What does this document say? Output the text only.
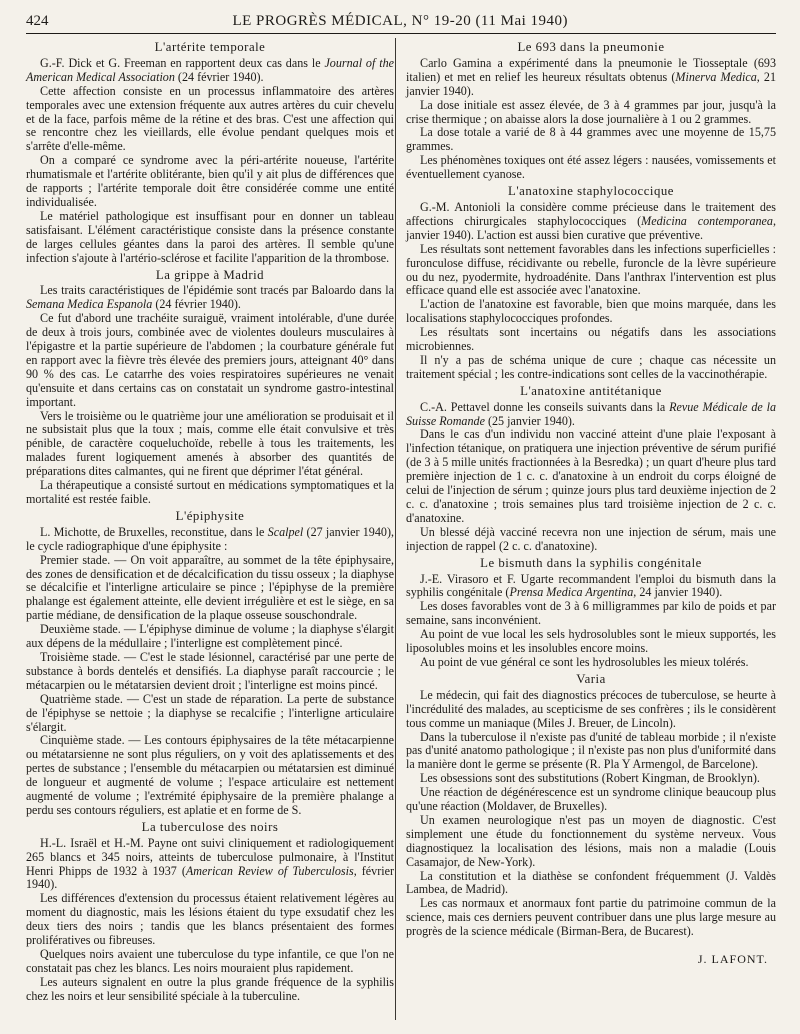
424	LE PROGRÈS MÉDICAL, N° 19-20 (11 Mai 1940)
L'artérite temporale

G.-F. Dick et G. Freeman en rapportent deux cas dans le Journal of the American Medical Association (24 février 1940).

Cette affection consiste en un processus inflammatoire des artères temporales avec une extension fréquente aux autres artères du cuir chevelu et de la face, parfois même de la rétine et des bras. C'est une affection qui se rencontre chez les vieillards, elle évolue pendant quelques mois et s'arrête d'elle-même.

On a comparé ce syndrome avec la péri-artérite noueuse, l'artérite rhumatismale et l'artérite oblitérante, bien qu'il y ait plus de différences que de rapports ; l'artérite temporale doit être considérée comme une entité individualisée.

Le matériel pathologique est insuffisant pour en donner un tableau satisfaisant. L'élément caractéristique consiste dans la présence constante de larges cellules géantes dans la paroi des artères. Il semble qu'une infection s'ajoute à l'artério-sclérose et facilite l'apparition de la thrombose.

La grippe à Madrid

Les traits caractéristiques de l'épidémie sont tracés par Baloardo dans la Semana Medica Espanola (24 février 1940).

Ce fut d'abord une trachéite suraiguë, vraiment intolérable, d'une durée de deux à trois jours, combinée avec de violentes douleurs musculaires à l'épigastre et la partie supérieure de l'abdomen ; la courbature générale fut en rapport avec la fièvre très élevée des premiers jours, atteignant 40° dans 90 % des cas. Le catarrhe des voies respiratoires supérieures ne venait qu'ensuite et dans certains cas on constatait un syndrome gastro-intestinal important.

Vers le troisième ou le quatrième jour une amélioration se produisait et il ne subsistait plus que la toux ; mais, comme elle était convulsive et très pénible, de caractère coqueluchoïde, rebelle à tous les traitements, les malades furent logiquement amenés à absorber des quantités de préparations dites calmantes, qui ne firent que déprimer l'état général.

La thérapeutique a consisté surtout en médications symptomatiques et la mortalité est restée faible.

L'épiphysite

L. Michotte, de Bruxelles, reconstitue, dans le Scalpel (27 janvier 1940), le cycle radiographique d'une épiphysite :

Premier stade. — On voit apparaître, au sommet de la tête épiphysaire, des zones de densification et de décalcification du tissu osseux ; la diaphyse se décalcifie et l'interligne articulaire se pince ; l'épiphyse de la première phalange est également atteinte, elle devient irrégulière et est le siège, en sa partie médiane, de densification de la plaque osseuse souschondrale.

Deuxième stade. — L'épiphyse diminue de volume ; la diaphyse s'élargit aux dépens de la médullaire ; l'interligne est complètement pincé.

Troisième stade. — C'est le stade lésionnel, caractérisé par une perte de substance à bords dentelés et densifiés. La diaphyse paraît raccourcie ; le métacarpien ou le métatarsien devient droit ; l'interligne est moins pincé.

Quatrième stade. — C'est un stade de réparation. La perte de substance de l'épiphyse se nettoie ; la diaphyse se recalcifie ; l'interligne articulaire s'élargit.

Cinquième stade. — Les contours épiphysaires de la tête métacarpienne ou métatarsienne ne sont plus réguliers, on y voit des aplatissements et des pertes de substance ; l'ensemble du métacarpien ou métatarsien est diminué de longueur et augmenté de volume ; l'espace articulaire est nettement augmenté de volume ; l'extrémité épiphysaire de la première phalange a perdu ses contours réguliers, est aplatie et en forme de S.

La tuberculose des noirs

H.-L. Israël et H.-M. Payne ont suivi cliniquement et radiologiquement 265 blancs et 345 noirs, atteints de tuberculose pulmonaire, à l'Institut Henri Phipps de 1932 à 1937 (American Review of Tuberculosis, février 1940).

Les différences d'extension du processus étaient relativement légères au moment du diagnostic, mais les lésions étaient du type exsudatif chez les deux tiers des noirs ; tandis que les blancs présentaient des formes prolifératives ou fibreuses.

Quelques noirs avaient une tuberculose du type infantile, ce que l'on ne constatait pas chez les blancs. Les noirs mouraient plus rapidement.

Les auteurs signalent en outre la plus grande fréquence de la syphilis chez les noirs et leur sensibilité spéciale à la tuberculine.

Le 693 dans la pneumonie

Carlo Gamina a expérimenté dans la pneumonie le Tiosseptale (693 italien) et met en relief les heureux résultats obtenus (Minerva Medica, 21 janvier 1940).

La dose initiale est assez élevée, de 3 à 4 grammes par jour, jusqu'à la crise thermique ; on abaisse alors la dose journalière à 1 ou 2 grammes.

La dose totale a varié de 8 à 44 grammes avec une moyenne de 15,75 grammes.

Les phénomènes toxiques ont été assez légers : nausées, vomissements et éventuellement cyanose.

L'anatoxine staphylococcique

G.-M. Antonioli la considère comme précieuse dans le traitement des affections chirurgicales staphylococciques (Medicina contemporanea, janvier 1940). L'action est aussi bien curative que préventive.

Les résultats sont nettement favorables dans les infections superficielles : furonculose diffuse, récidivante ou rebelle, furoncle de la lèvre supérieure ou du nez, pyodermite, hydroadénite. Dans l'anthrax l'intervention est plus efficace quand elle est associée avec l'anatoxine.

L'action de l'anatoxine est favorable, bien que moins marquée, dans les localisations staphylococciques profondes.

Les résultats sont incertains ou négatifs dans les associations microbiennes.

Il n'y a pas de schéma unique de cure ; chaque cas nécessite un traitement spécial ; les contre-indications sont celles de la vaccinothérapie.

L'anatoxine antitétanique

C.-A. Pettavel donne les conseils suivants dans la Revue Médicale de la Suisse Romande (25 janvier 1940).

Dans le cas d'un individu non vacciné atteint d'une plaie l'exposant à l'infection tétanique, on pratiquera une injection préventive de sérum purifié (de 3 à 5 mille unités fractionnées à la Besredka) ; un quart d'heure plus tard première injection de 1 c. c. d'anatoxine à un endroit du corps éloigné de celui de l'injection de sérum ; quinze jours plus tard deuxième injection de 2 c. c. d'anatoxine ; trois semaines plus tard troisième injection de 2 c. c. d'anatoxine.

Un blessé déjà vacciné recevra non une injection de sérum, mais une injection de rappel (2 c. c. d'anatoxine).

Le bismuth dans la syphilis congénitale

J.-E. Virasoro et F. Ugarte recommandent l'emploi du bismuth dans la syphilis congénitale (Prensa Medica Argentina, 24 janvier 1940).

Les doses favorables vont de 3 à 6 milligrammes par kilo de poids et par semaine, sans inconvénient.

Au point de vue local les sels hydrosolubles sont le mieux supportés, les liposolubles moins et les insolubles encore moins.

Au point de vue général ce sont les hydrosolubles les mieux tolérés.

Varia

Le médecin, qui fait des diagnostics précoces de tuberculose, se heurte à l'incrédulité des malades, au scepticisme de ses confrères ; ils le considèrent tous comme un maniaque (Miles J. Breuer, de Lincoln).

Dans la tuberculose il n'existe pas d'unité de tableau morbide ; il n'existe pas d'unité anatomo pathologique ; il n'existe pas non plus d'uniformité dans la manière dont le germe se présente (R. Pla Y Armengol, de Barcelone).

Les obsessions sont des substitutions (Robert Kingman, de Brooklyn).

Une réaction de dégénérescence est un syndrome clinique beaucoup plus qu'une réaction (Moldaver, de Bruxelles).

Un examen neurologique n'est pas un moyen de diagnostic. C'est simplement une étude du fonctionnement du système nerveux. Vous diagnostiquez la localisation des lésions, mais non a maladie (Louis Casamajor, de New-York).

La constitution et la diathèse se confondent fréquemment (J. Valdès Lambea, de Madrid).

Les cas normaux et anormaux font partie du patrimoine commun de la science, mais ces derniers peuvent contribuer dans une plus large mesure au progrès de la science médicale (Birman-Bera, de Bucarest).

J. LAFONT.
